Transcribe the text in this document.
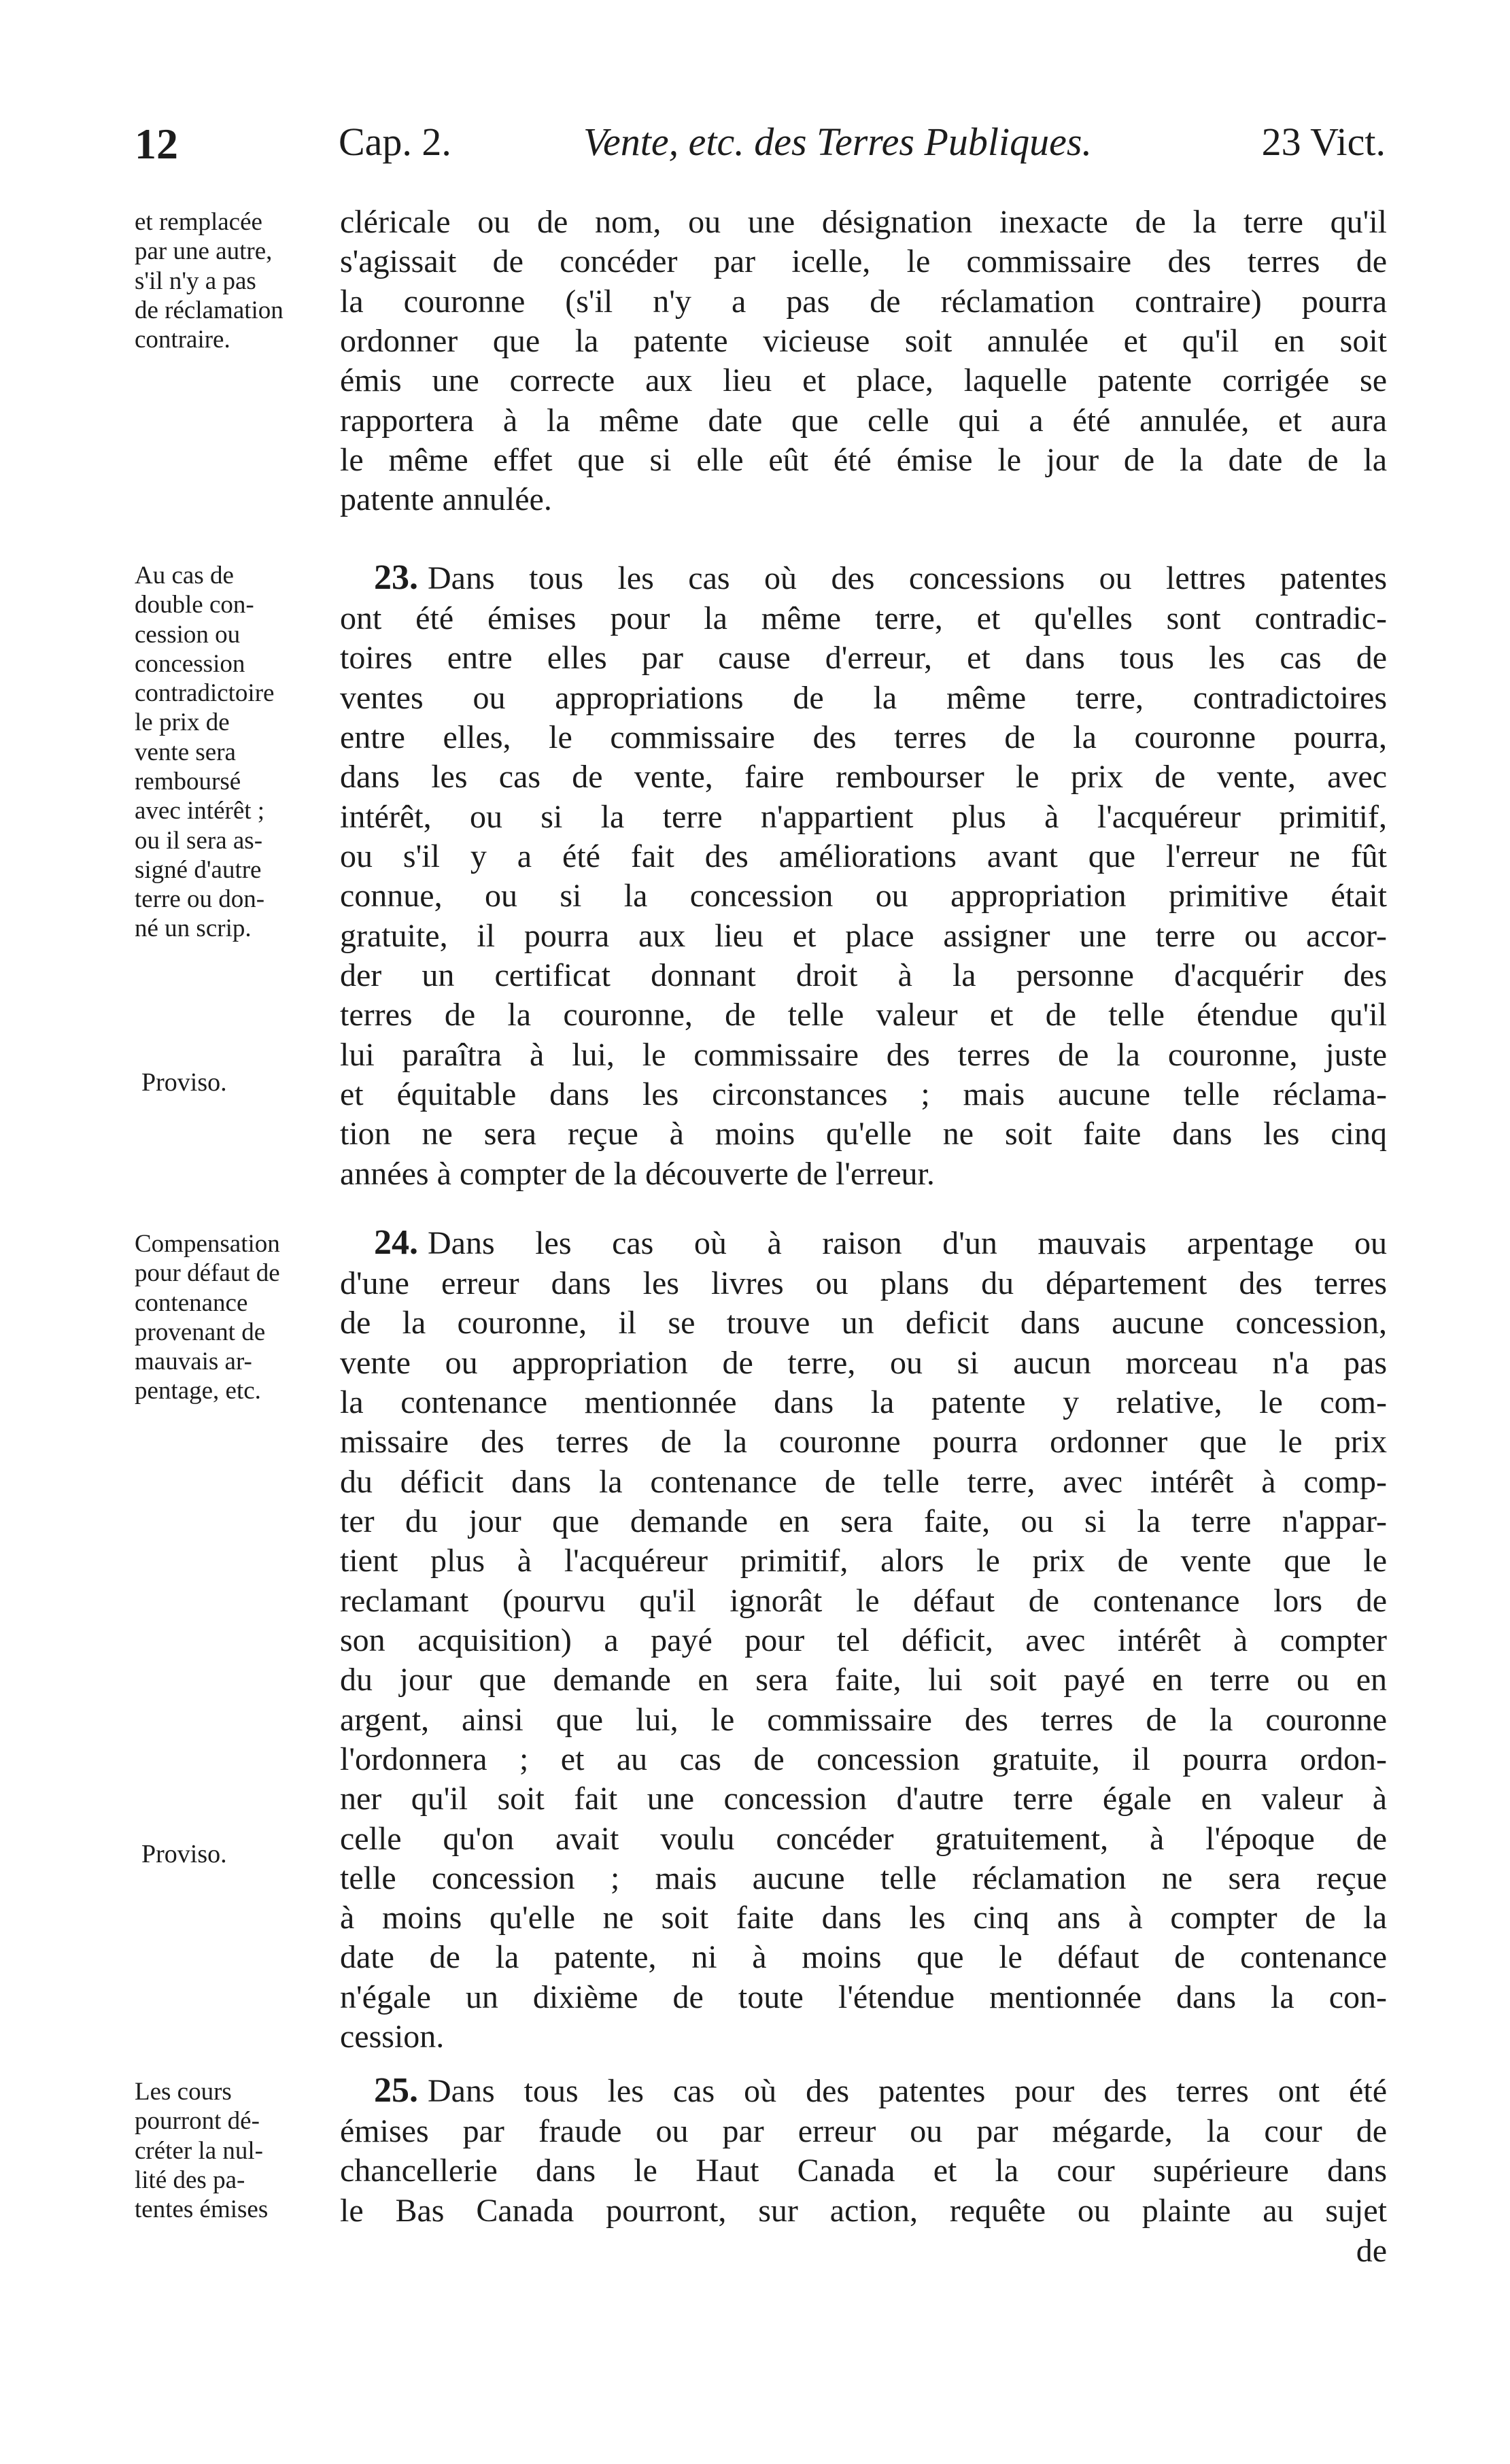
12	Cap. 2.	Vente, etc. des Terres Publiques.	23 Vict.
et remplacée
par une autre,
s'il n'y a pas
de réclamation
contraire.
cléricale ou de nom, ou une désignation inexacte de la terre qu'il
s'agissait de concéder par icelle, le commissaire des terres de
la couronne (s'il n'y a pas de réclamation contraire) pourra
ordonner que la patente vicieuse soit annulée et qu'il en soit
émis une correcte aux lieu et place, laquelle patente corrigée se
rapportera à la même date que celle qui a été annulée, et aura
le même effet que si elle eût été émise le jour de la date de la
patente annulée.
Au cas de
double con-
cession ou
concession
contradictoire
le prix de
vente sera
remboursé
avec intérêt ;
ou il sera as-
signé d'autre
terre ou don-
né un scrip.
Proviso.
23. Dans tous les cas où des concessions ou lettres patentes
ont été émises pour la même terre, et qu'elles sont contradic-
toires entre elles par cause d'erreur, et dans tous les cas de
ventes ou appropriations de la même terre, contradictoires
entre elles, le commissaire des terres de la couronne pourra,
dans les cas de vente, faire rembourser le prix de vente, avec
intérêt, ou si la terre n'appartient plus à l'acquéreur primitif,
ou s'il y a été fait des améliorations avant que l'erreur ne fût
connue, ou si la concession ou appropriation primitive était
gratuite, il pourra aux lieu et place assigner une terre ou accor-
der un certificat donnant droit à la personne d'acquérir des
terres de la couronne, de telle valeur et de telle étendue qu'il
lui paraîtra à lui, le commissaire des terres de la couronne, juste
et équitable dans les circonstances ; mais aucune telle réclama-
tion ne sera reçue à moins qu'elle ne soit faite dans les cinq
années à compter de la découverte de l'erreur.
Compensation
pour défaut de
contenance
provenant de
mauvais ar-
pentage, etc.
Proviso.
24. Dans les cas où à raison d'un mauvais arpentage ou
d'une erreur dans les livres ou plans du département des terres
de la couronne, il se trouve un deficit dans aucune concession,
vente ou appropriation de terre, ou si aucun morceau n'a pas
la contenance mentionnée dans la patente y relative, le com-
missaire des terres de la couronne pourra ordonner que le prix
du déficit dans la contenance de telle terre, avec intérêt à comp-
ter du jour que demande en sera faite, ou si la terre n'appar-
tient plus à l'acquéreur primitif, alors le prix de vente que le
reclamant (pourvu qu'il ignorât le défaut de contenance lors de
son acquisition) a payé pour tel déficit, avec intérêt à compter
du jour que demande en sera faite, lui soit payé en terre ou en
argent, ainsi que lui, le commissaire des terres de la couronne
l'ordonnera ; et au cas de concession gratuite, il pourra ordon-
ner qu'il soit fait une concession d'autre terre égale en valeur à
celle qu'on avait voulu concéder gratuitement, à l'époque de
telle concession ; mais aucune telle réclamation ne sera reçue
à moins qu'elle ne soit faite dans les cinq ans à compter de la
date de la patente, ni à moins que le défaut de contenance
n'égale un dixième de toute l'étendue mentionnée dans la con-
cession.
Les cours
pourront dé-
créter la nul-
lité des pa-
tentes émises
25. Dans tous les cas où des patentes pour des terres ont été
émises par fraude ou par erreur ou par mégarde, la cour de
chancellerie dans le Haut Canada et la cour supérieure dans
le Bas Canada pourront, sur action, requête ou plainte au sujet
de
